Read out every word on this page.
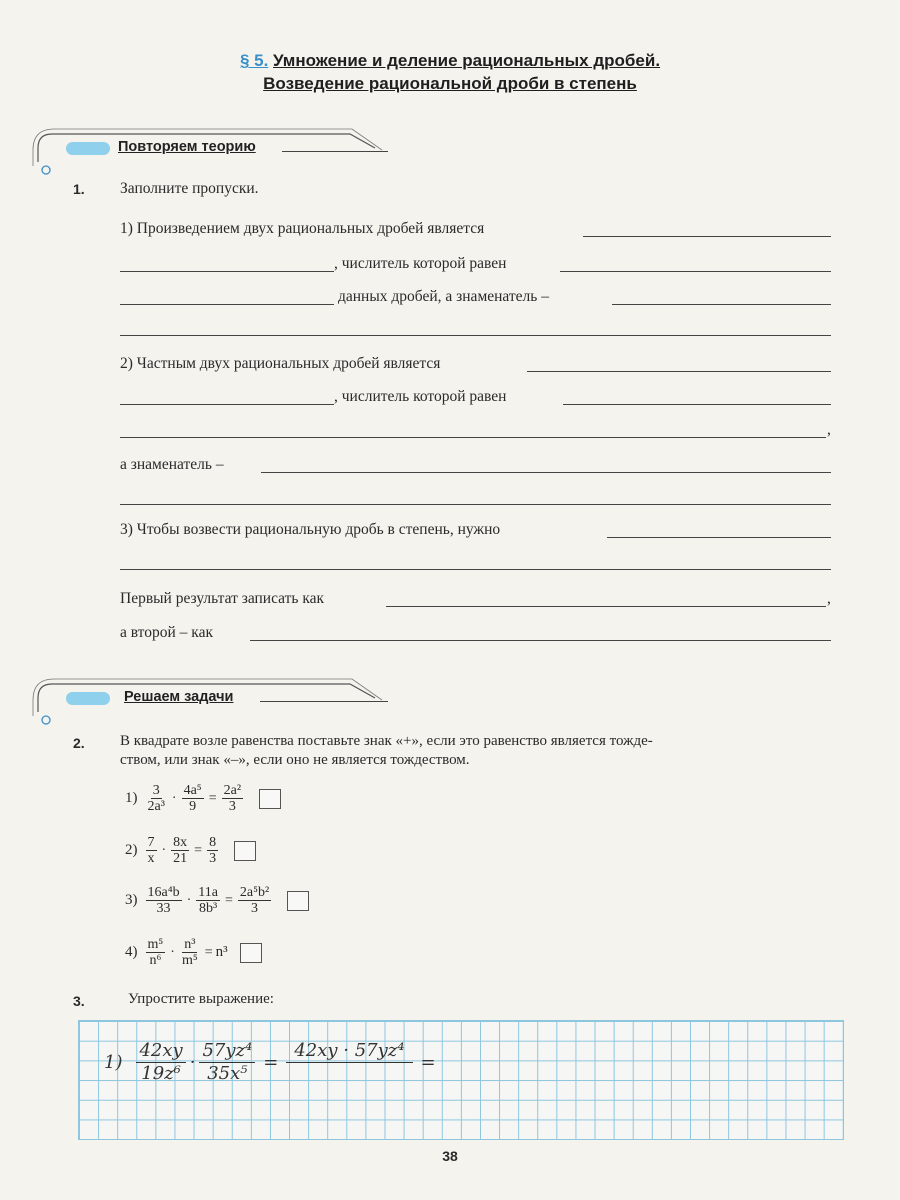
§ 5. Умножение и деление рациональных дробей.
Возведение рациональной дроби в степень
Повторяем теорию
1. Заполните пропуски.
1) Произведением двух рациональных дробей является
, числитель которой равен
данных дробей, а знаменатель –
2) Частным двух рациональных дробей является
, числитель которой равен
,
а знаменатель –
3) Чтобы возвести рациональную дробь в степень, нужно
Первый результат записать как	,
а второй – как
Решаем задачи
2. В квадрате возле равенства поставьте знак «+», если это равенство является тожде-
ством, или знак «–», если оно не является тождеством.
$1) \frac{3}{\text{2a³}} \cdot \frac{\text{4a⁵}}{9} = \frac{\text{2a²}}{3}$
$2) \frac{7}{x} \cdot \frac{8x}{21} = \frac{8}{3}$
$3) \frac{\text{16a⁴b}}{33} \cdot \frac{11a}{\text{8b³}} = \frac{\text{2a⁵b²}}{3}$
$4) \frac{\text{m⁵}}{\text{n⁶}} \cdot \frac{\text{n³}}{\text{m⁵}} = n^3$
3.	Упростите выражение:
1)
42xy
19z⁶
· $\frac{\text{57yz⁴}}{\text{35x⁵}}$ =
42xy · 57yz⁴

=
38
